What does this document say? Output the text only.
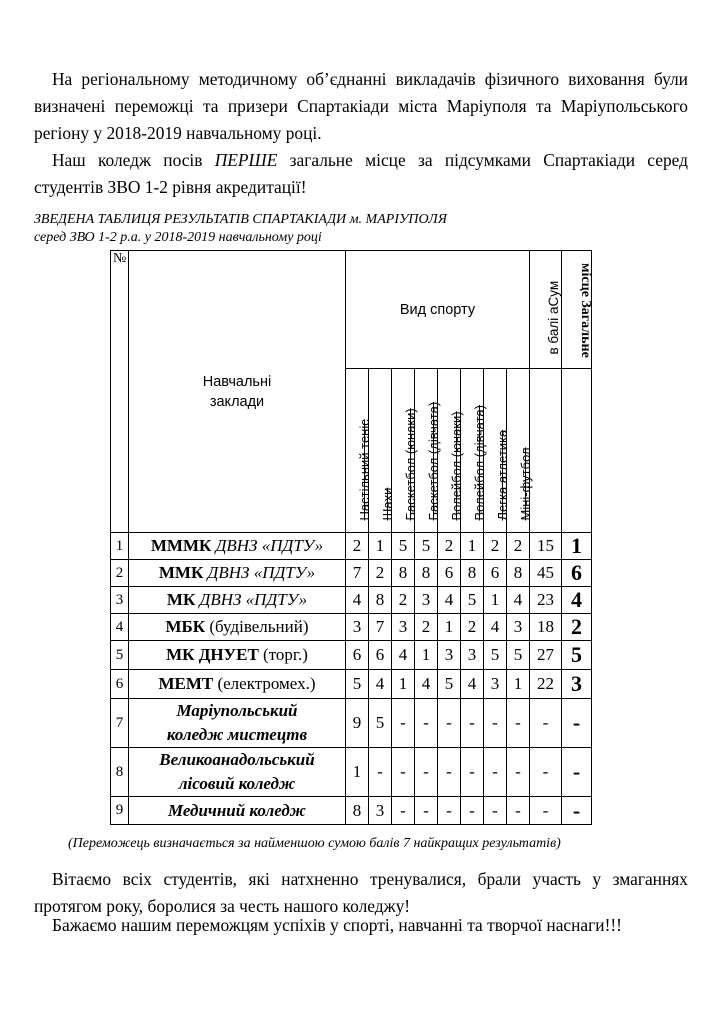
На регіональному методичному об’єднанні викладачів фізичного виховання були визначені переможці та призери Спартакіади міста Маріуполя та Маріупольського регіону у 2018-2019 навчальному році.

Наш коледж посів ПЕРШЕ загальне місце за підсумками Спартакіади серед студентів ЗВО 1-2 рівня акредитації!

ЗВЕДЕНА ТАБЛИЦЯ РЕЗУЛЬТАТІВ СПАРТАКІАДИ м. МАРІУПОЛЯ
серед ЗВО 1-2 р.а. у 2018-2019 навчальному році
№	Навчальні заклади	Вид спорту								в балі аСум	місце Загальне

		Настільний теніс	Шахи	Баскетбол (юнаки)	Баскетбол (дівчата)	Волейбол (юнаки)	Волейбол (дівчата)	Легка атлетика	Міні-футбол		

1	МММК ДВНЗ «ПДТУ»	2	1	5	5	2	1	2	2	15	1
2	ММК ДВНЗ «ПДТУ»	7	2	8	8	6	8	6	8	45	6
3	МК ДВНЗ «ПДТУ»	4	8	2	3	4	5	1	4	23	4
4	МБК (будівельний)	3	7	3	2	1	2	4	3	18	2
5	МК ДНУЕТ (торг.)	6	6	4	1	3	3	5	5	27	5
6	МЕМТ (електромех.)	5	4	1	4	5	4	3	1	22	3
7	Маріупольський
коледж мистецтв	9	5	-	-	-	-	-	-	-	-
8	Великоанадольський
лісовий коледж	1	-	-	-	-	-	-	-	-	-
9	Медичний коледж	8	3	-	-	-	-	-	-	-	-
(Переможець визначається за найменшою сумою балів 7 найкращих результатів)

Вітаємо всіх студентів, які натхненно тренувалися, брали участь у змаганнях протягом року, боролися за честь нашого коледжу!

Бажаємо нашим переможцям успіхів у спорті, навчанні та творчої наснаги!!!
